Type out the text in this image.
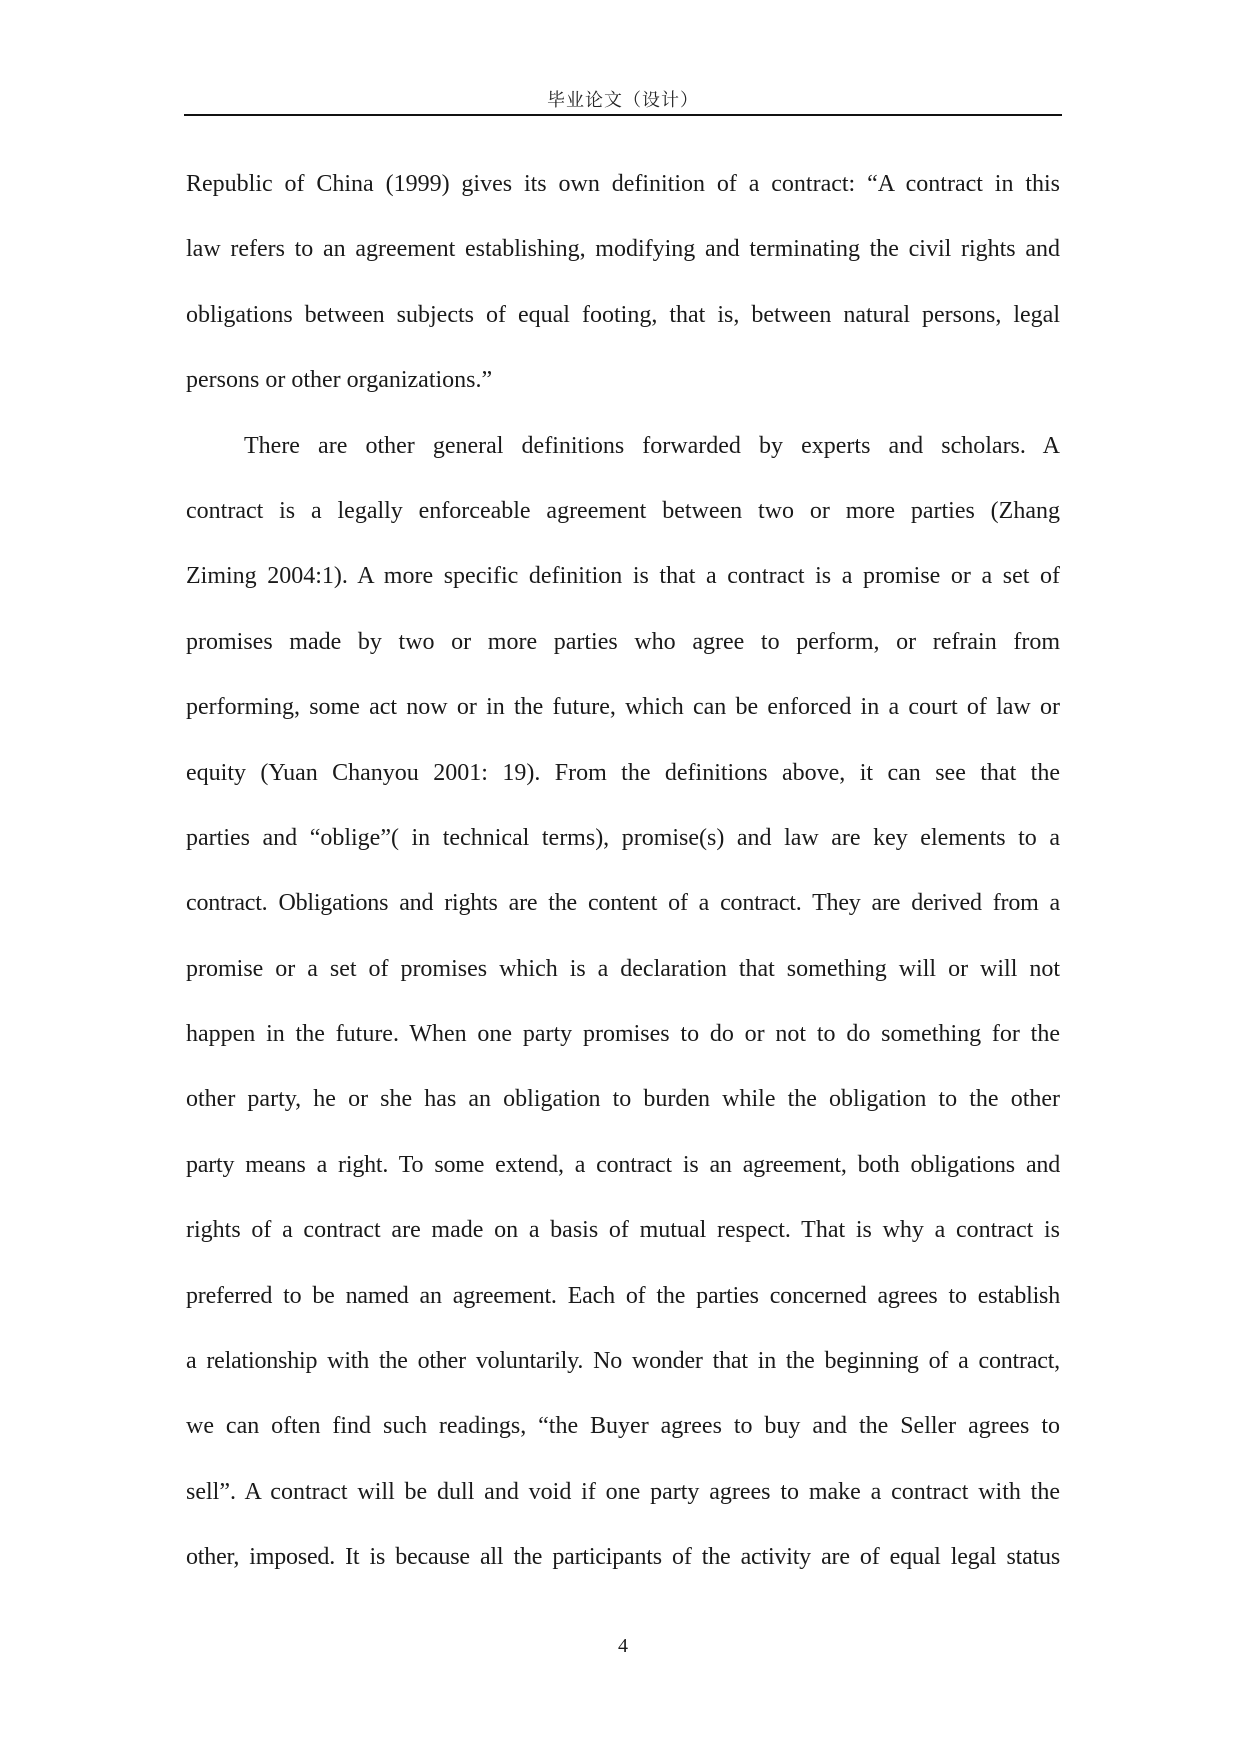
毕业论文（设计）
Republic of China (1999) gives its own definition of a contract: “A contract in this
law refers to an agreement establishing, modifying and terminating the civil rights and
obligations between subjects of equal footing, that is, between natural persons, legal
persons or other organizations.”
There are other general definitions forwarded by experts and scholars. A
contract is a legally enforceable agreement between two or more parties (Zhang
Ziming 2004:1). A more specific definition is that a contract is a promise or a set of
promises made by two or more parties who agree to perform, or refrain from
performing, some act now or in the future, which can be enforced in a court of law or
equity (Yuan Chanyou 2001: 19). From the definitions above, it can see that the
parties and “oblige”( in technical terms), promise(s) and law are key elements to a
contract. Obligations and rights are the content of a contract. They are derived from a
promise or a set of promises which is a declaration that something will or will not
happen in the future. When one party promises to do or not to do something for the
other party, he or she has an obligation to burden while the obligation to the other
party means a right. To some extend, a contract is an agreement, both obligations and
rights of a contract are made on a basis of mutual respect. That is why a contract is
preferred to be named an agreement. Each of the parties concerned agrees to establish
a relationship with the other voluntarily. No wonder that in the beginning of a contract,
we can often find such readings, “the Buyer agrees to buy and the Seller agrees to
sell”. A contract will be dull and void if one party agrees to make a contract with the
other, imposed. It is because all the participants of the activity are of equal legal status
4
